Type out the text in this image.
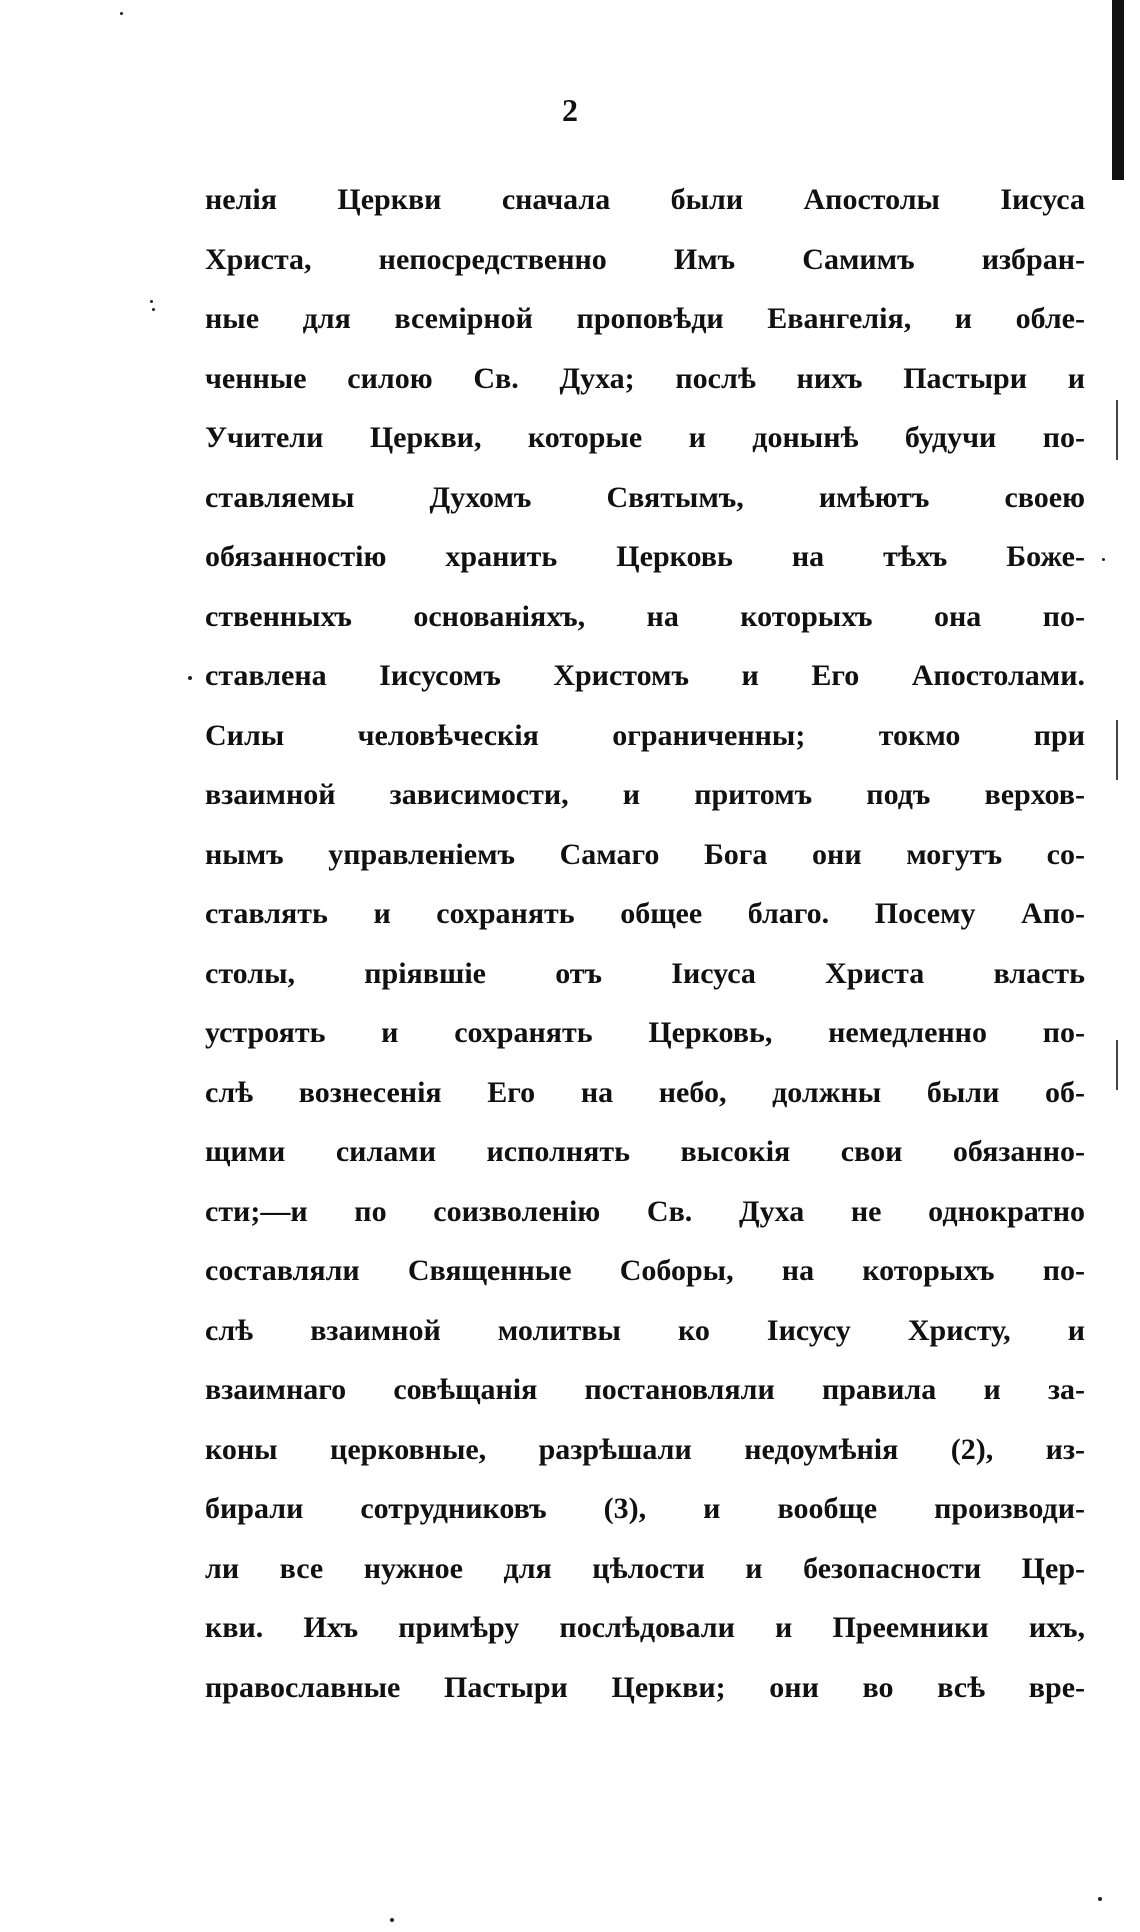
2
нелія Церкви сначала были Апостолы Іисуса
Христа, непосредственно Имъ Самимъ избран-
ные для всемірной проповѣди Евангелія, и обле-
ченные силою Св. Духа; послѣ нихъ Пастыри и
Учители Церкви, которые и донынѣ будучи по-
ставляемы Духомъ Святымъ, имѣютъ своею
обязанностію хранить Церковь на тѣхъ Боже-
ственныхъ основаніяхъ, на которыхъ она по-
ставлена Іисусомъ Христомъ и Его Апостолами.
Силы человѣческія ограниченны; токмо при
взаимной зависимости, и притомъ подъ верхов-
нымъ управленіемъ Самаго Бога они могутъ со-
ставлять и сохранять общее благо. Посему Апо-
столы, пріявшіе отъ Іисуса Христа власть
устроять и сохранять Церковь, немедленно по-
слѣ вознесенія Его на небо, должны были об-
щими силами исполнять высокія свои обязанно-
сти;—и по соизволенію Св. Духа не однократно
составляли Священные Соборы, на которыхъ по-
слѣ взаимной молитвы ко Іисусу Христу, и
взаимнаго совѣщанія постановляли правила и за-
коны церковные, разрѣшали недоумѣнія (2), из-
бирали сотрудниковъ (3), и вообще производи-
ли все нужное для цѣлости и безопасности Цер-
кви. Ихъ примѣру послѣдовали и Преемники ихъ,
православные Пастыри Церкви; они во всѣ вре-
